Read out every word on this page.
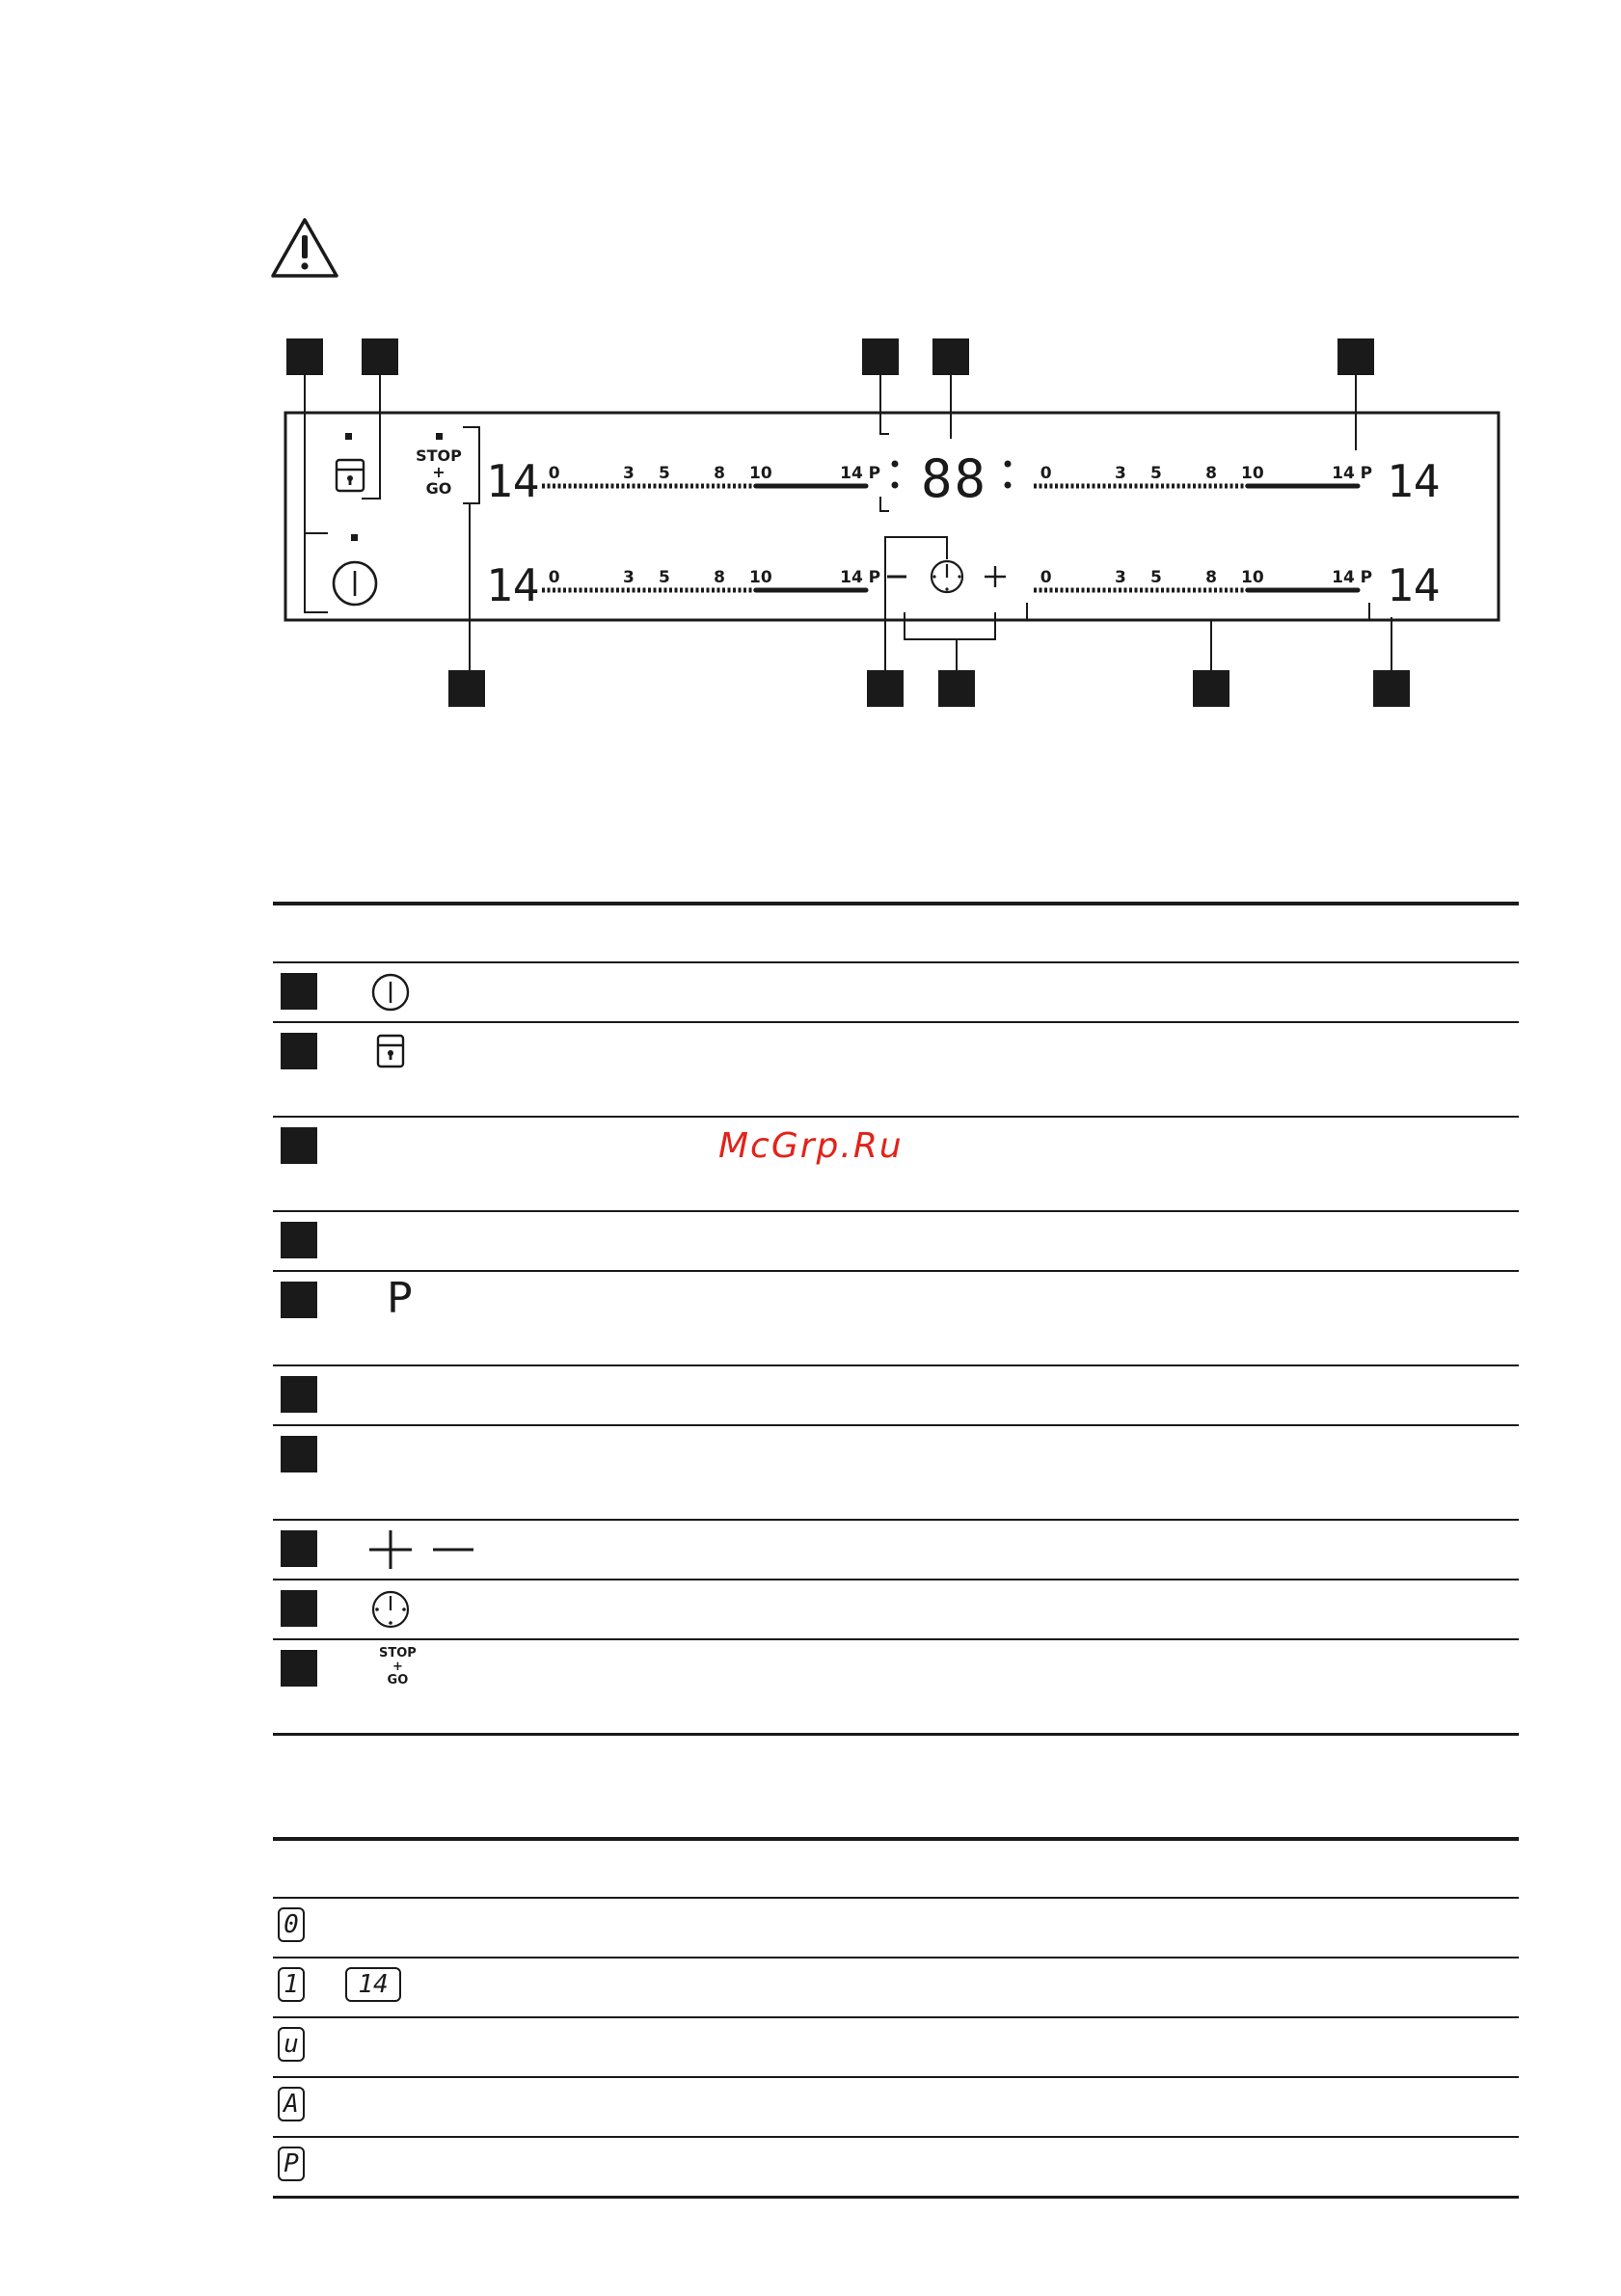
STOP
+
GO 14 0	3 5	8 10	14 P
14 0	3 5	8 10	14 P
14
0	3 5	8 10	14 P
14
0	3 5	8 10	14 P
88
P
STOP
+
GO
McGrp.Ru
0
1	14
u
A
P
